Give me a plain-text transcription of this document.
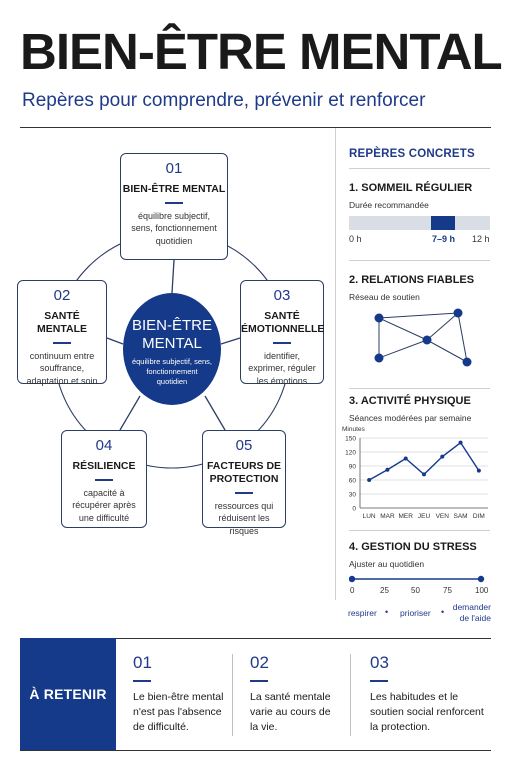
BIEN-ÊTRE MENTAL
Repères pour comprendre, prévenir et renforcer
01
BIEN-ÊTRE MENTAL
équilibre subjectif, sens, fonctionnement quotidien
02
SANTÉ MENTALE
continuum entre souffrance, adaptation et soin
03
SANTÉ ÉMOTIONNELLE
identifier, exprimer, réguler les émotions
04
RÉSILIENCE
capacité à récupérer après une difficulté
05
FACTEURS DE PROTECTION
ressources qui réduisent les risques
BIEN-ÊTRE MENTAL
équilibre subjectif, sens, fonctionnement quotidien
REPÈRES CONCRETS
1. SOMMEIL RÉGULIER
Durée recommandée
0 h	7–9 h 12 h
2. RELATIONS FIABLES
Réseau de soutien
3. ACTIVITÉ PHYSIQUE
Séances modérées par semaine
Minutes
0
30
60
90
120
150
LUN MAR MER JEU VEN SAM DIM
4. GESTION DU STRESS
Ajuster au quotidien
0	25	50	75	100
respirer • prioriser • demander de l'aide
À RETENIR
01
Le bien-être mental n'est pas l'absence de difficulté.
02
La santé mentale varie au cours de la vie.
03
Les habitudes et le soutien social renforcent la protection.
